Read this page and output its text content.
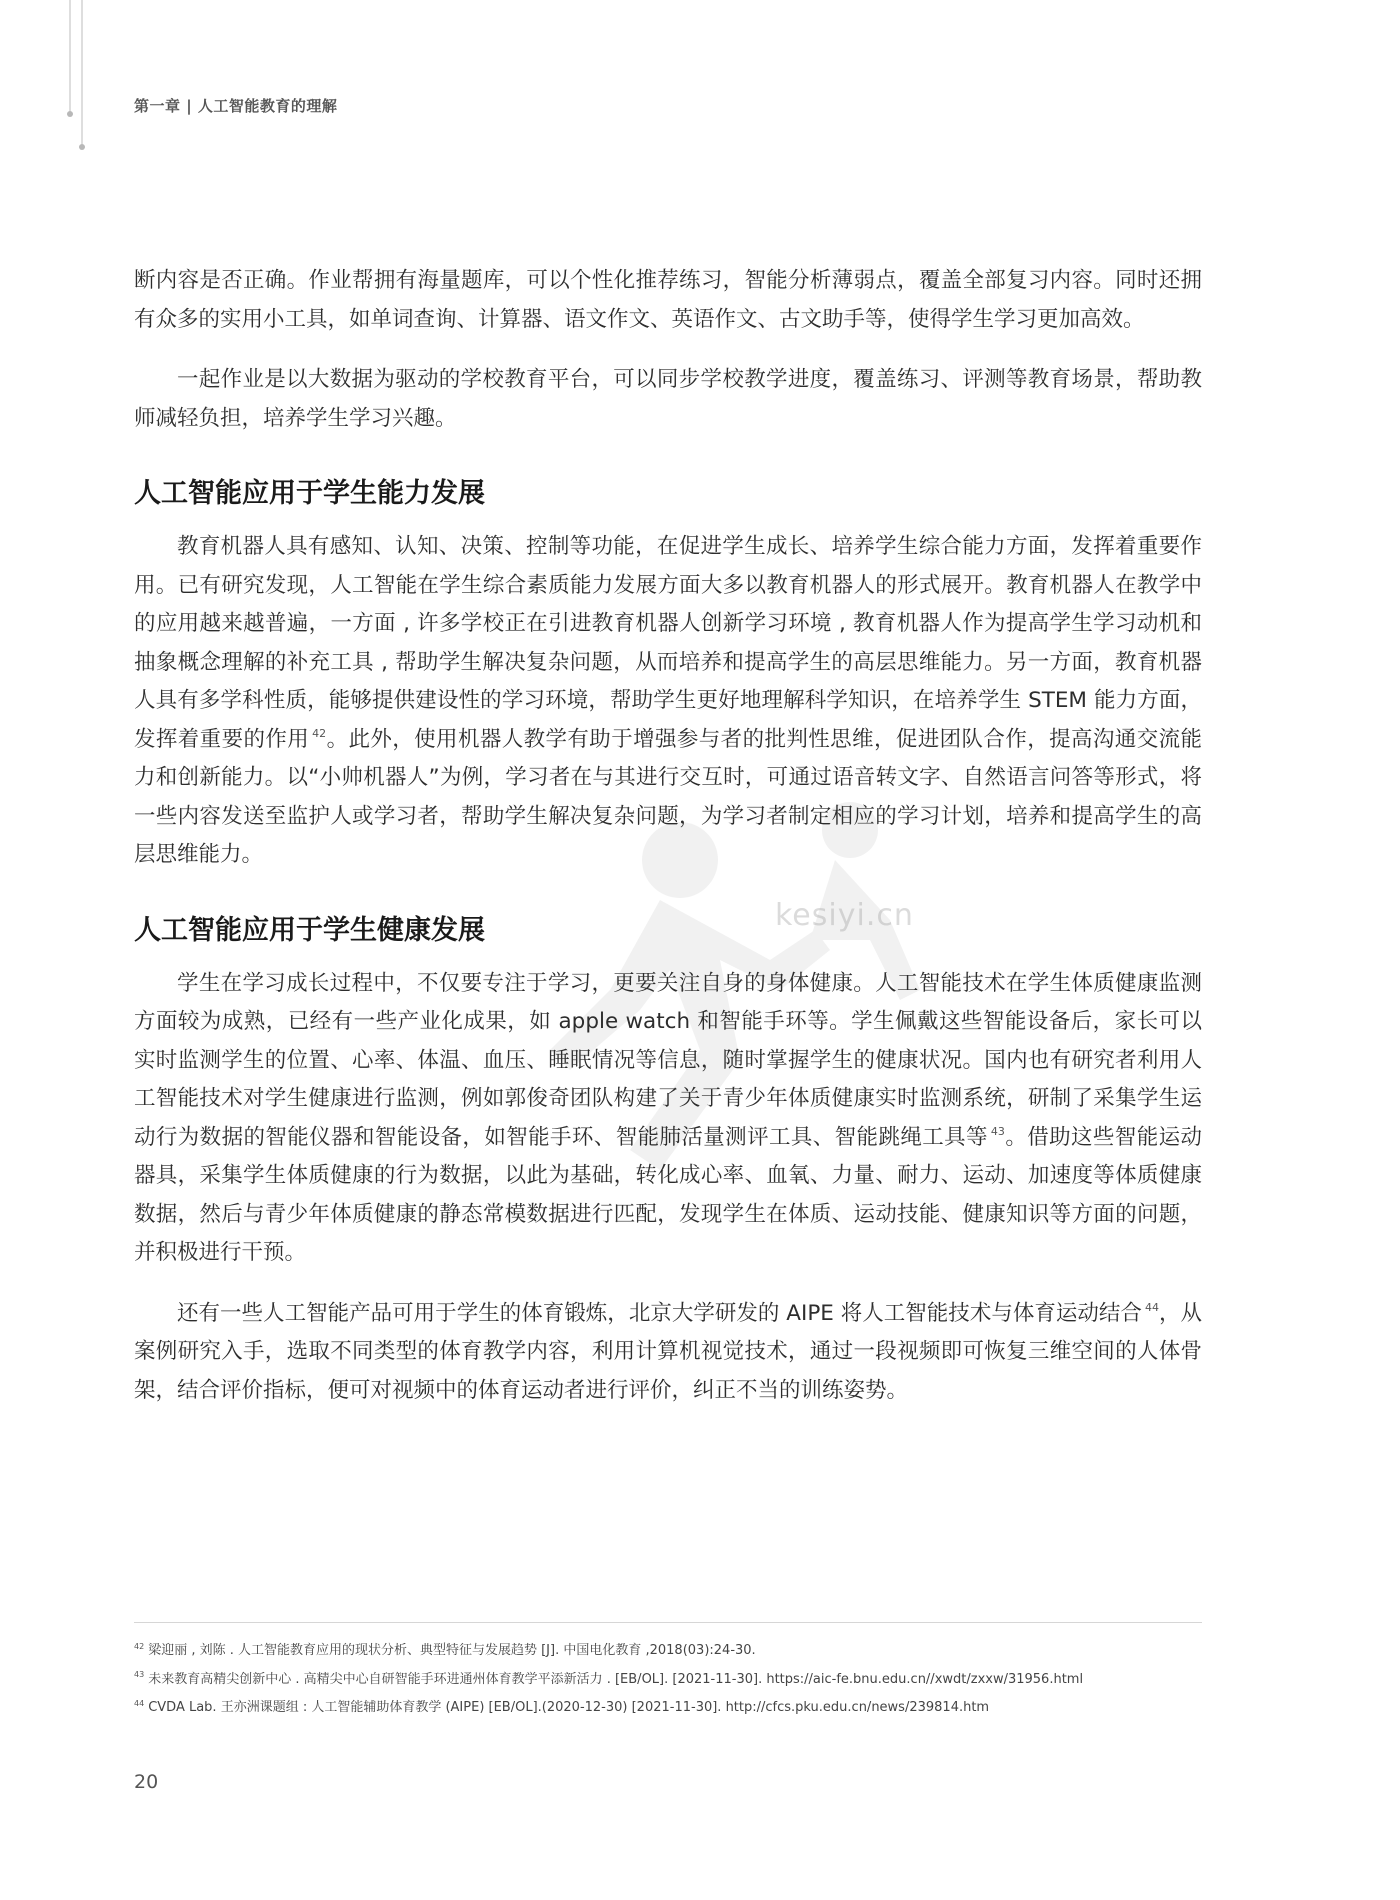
第一章 | 人工智能教育的理解
kesiyi.cn

断内容是否正确。作业帮拥有海量题库，可以个性化推荐练习，智能分析薄弱点，覆盖全部复习内容。同时还拥有众多的实用小工具，如单词查询、计算器、语文作文、英语作文、古文助手等，使得学生学习更加高效。

一起作业是以大数据为驱动的学校教育平台，可以同步学校教学进度，覆盖练习、评测等教育场景，帮助教师减轻负担，培养学生学习兴趣。

人工智能应用于学生能力发展

教育机器人具有感知、认知、决策、控制等功能，在促进学生成长、培养学生综合能力方面，发挥着重要作用。已有研究发现，人工智能在学生综合素质能力发展方面大多以教育机器人的形式展开。教育机器人在教学中的应用越来越普遍，一方面 , 许多学校正在引进教育机器人创新学习环境 , 教育机器人作为提高学生学习动机和抽象概念理解的补充工具 , 帮助学生解决复杂问题，从而培养和提高学生的高层思维能力。另一方面，教育机器人具有多学科性质，能够提供建设性的学习环境，帮助学生更好地理解科学知识，在培养学生 STEM 能力方面，发挥着重要的作用 $^{42}$。此外，使用机器人教学有助于增强参与者的批判性思维，促进团队合作，提高沟通交流能力和创新能力。以“小帅机器人”为例，学习者在与其进行交互时，可通过语音转文字、自然语言问答等形式，将一些内容发送至监护人或学习者，帮助学生解决复杂问题，为学习者制定相应的学习计划，培养和提高学生的高层思维能力。

人工智能应用于学生健康发展

学生在学习成长过程中，不仅要专注于学习，更要关注自身的身体健康。人工智能技术在学生体质健康监测方面较为成熟，已经有一些产业化成果，如 apple watch 和智能手环等。学生佩戴这些智能设备后，家长可以实时监测学生的位置、心率、体温、血压、睡眠情况等信息，随时掌握学生的健康状况。国内也有研究者利用人工智能技术对学生健康进行监测，例如郭俊奇团队构建了关于青少年体质健康实时监测系统，研制了采集学生运动行为数据的智能仪器和智能设备，如智能手环、智能肺活量测评工具、智能跳绳工具等 $^{43}$。借助这些智能运动器具，采集学生体质健康的行为数据，以此为基础，转化成心率、血氧、力量、耐力、运动、加速度等体质健康数据，然后与青少年体质健康的静态常模数据进行匹配，发现学生在体质、运动技能、健康知识等方面的问题，并积极进行干预。

还有一些人工智能产品可用于学生的体育锻炼，北京大学研发的 AIPE 将人工智能技术与体育运动结合 $^{44}$，从案例研究入手，选取不同类型的体育教学内容，利用计算机视觉技术，通过一段视频即可恢复三维空间的人体骨架，结合评价指标，便可对视频中的体育运动者进行评价，纠正不当的训练姿势。

$^{42}$ 梁迎丽 , 刘陈 . 人工智能教育应用的现状分析、典型特征与发展趋势 [J]. 中国电化教育 ,2018(03):24-30.
$^{43}$ 未来教育高精尖创新中心 . 高精尖中心自研智能手环进通州体育教学平添新活力 . [EB/OL]. [2021-11-30]. https://aic-fe.bnu.edu.cn//xwdt/zxxw/31956.html
$^{44}$ CVDA Lab. 王亦洲课题组 : 人工智能辅助体育教学 (AIPE) [EB/OL].(2020-12-30) [2021-11-30]. http://cfcs.pku.edu.cn/news/239814.htm
20
